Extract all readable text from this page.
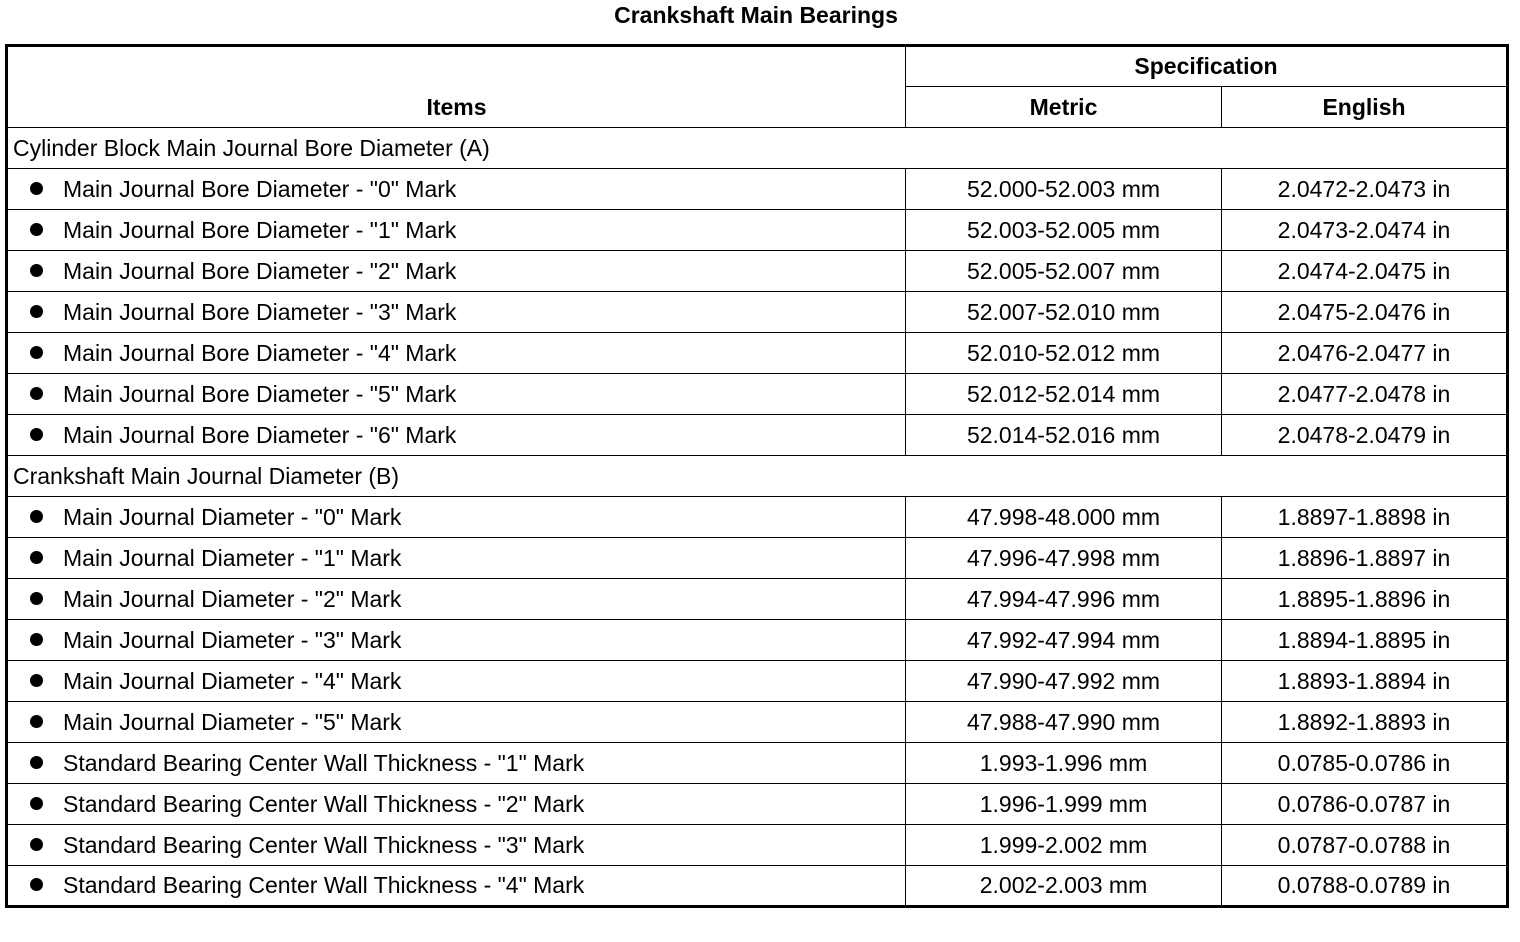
Crankshaft Main Bearings
Items	Specification	
	Metric	English
Cylinder Block Main Journal Bore Diameter (A)		
Main Journal Bore Diameter - "0" Mark	52.000-52.003 mm	2.0472-2.0473 in
Main Journal Bore Diameter - "1" Mark	52.003-52.005 mm	2.0473-2.0474 in
Main Journal Bore Diameter - "2" Mark	52.005-52.007 mm	2.0474-2.0475 in
Main Journal Bore Diameter - "3" Mark	52.007-52.010 mm	2.0475-2.0476 in
Main Journal Bore Diameter - "4" Mark	52.010-52.012 mm	2.0476-2.0477 in
Main Journal Bore Diameter - "5" Mark	52.012-52.014 mm	2.0477-2.0478 in
Main Journal Bore Diameter - "6" Mark	52.014-52.016 mm	2.0478-2.0479 in
Crankshaft Main Journal Diameter (B)		
Main Journal Diameter - "0" Mark	47.998-48.000 mm	1.8897-1.8898 in
Main Journal Diameter - "1" Mark	47.996-47.998 mm	1.8896-1.8897 in
Main Journal Diameter - "2" Mark	47.994-47.996 mm	1.8895-1.8896 in
Main Journal Diameter - "3" Mark	47.992-47.994 mm	1.8894-1.8895 in
Main Journal Diameter - "4" Mark	47.990-47.992 mm	1.8893-1.8894 in
Main Journal Diameter - "5" Mark	47.988-47.990 mm	1.8892-1.8893 in
Standard Bearing Center Wall Thickness - "1" Mark	1.993-1.996 mm	0.0785-0.0786 in
Standard Bearing Center Wall Thickness - "2" Mark	1.996-1.999 mm	0.0786-0.0787 in
Standard Bearing Center Wall Thickness - "3" Mark	1.999-2.002 mm	0.0787-0.0788 in
Standard Bearing Center Wall Thickness - "4" Mark	2.002-2.003 mm	0.0788-0.0789 in
